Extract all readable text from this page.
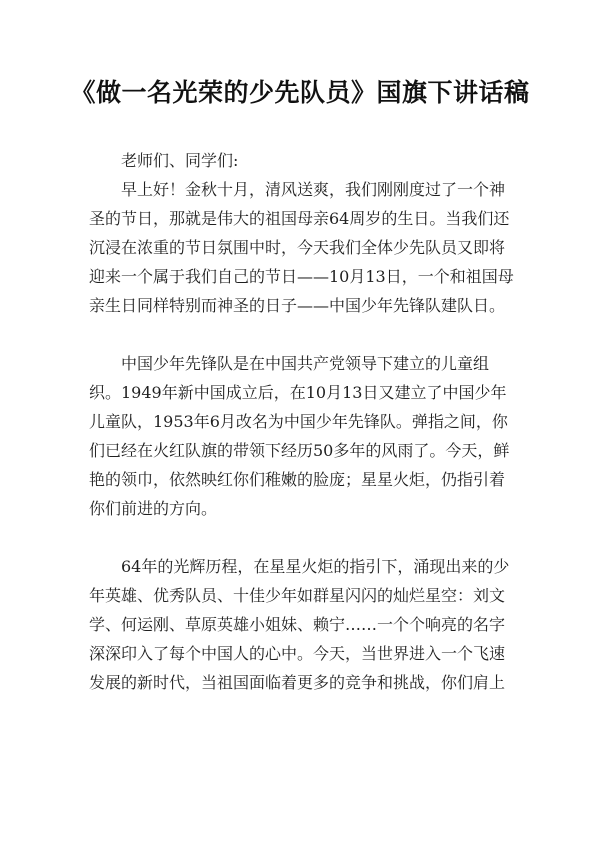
《做一名光荣的少先队员》国旗下讲话稿

老师们、同学们:

早上好！金秋十月，清风送爽，我们刚刚度过了一个神圣的节日，那就是伟大的祖国母亲64周岁的生日。当我们还沉浸在浓重的节日氛围中时，今天我们全体少先队员又即将迎来一个属于我们自己的节日——10月13日，一个和祖国母亲生日同样特别而神圣的日子——中国少年先锋队建队日。

中国少年先锋队是在中国共产党领导下建立的儿童组织。1949年新中国成立后，在10月13日又建立了中国少年儿童队，1953年6月改名为中国少年先锋队。弹指之间，你们已经在火红队旗的带领下经历50多年的风雨了。今天，鲜艳的领巾，依然映红你们稚嫩的脸庞；星星火炬，仍指引着你们前进的方向。

64年的光辉历程，在星星火炬的指引下，涌现出来的少年英雄、优秀队员、十佳少年如群星闪闪的灿烂星空：刘文学、何运刚、草原英雄小姐妹、赖宁……一个个响亮的名字深深印入了每个中国人的心中。今天，当世界进入一个飞速发展的新时代，当祖国面临着更多的竞争和挑战，你们肩上
